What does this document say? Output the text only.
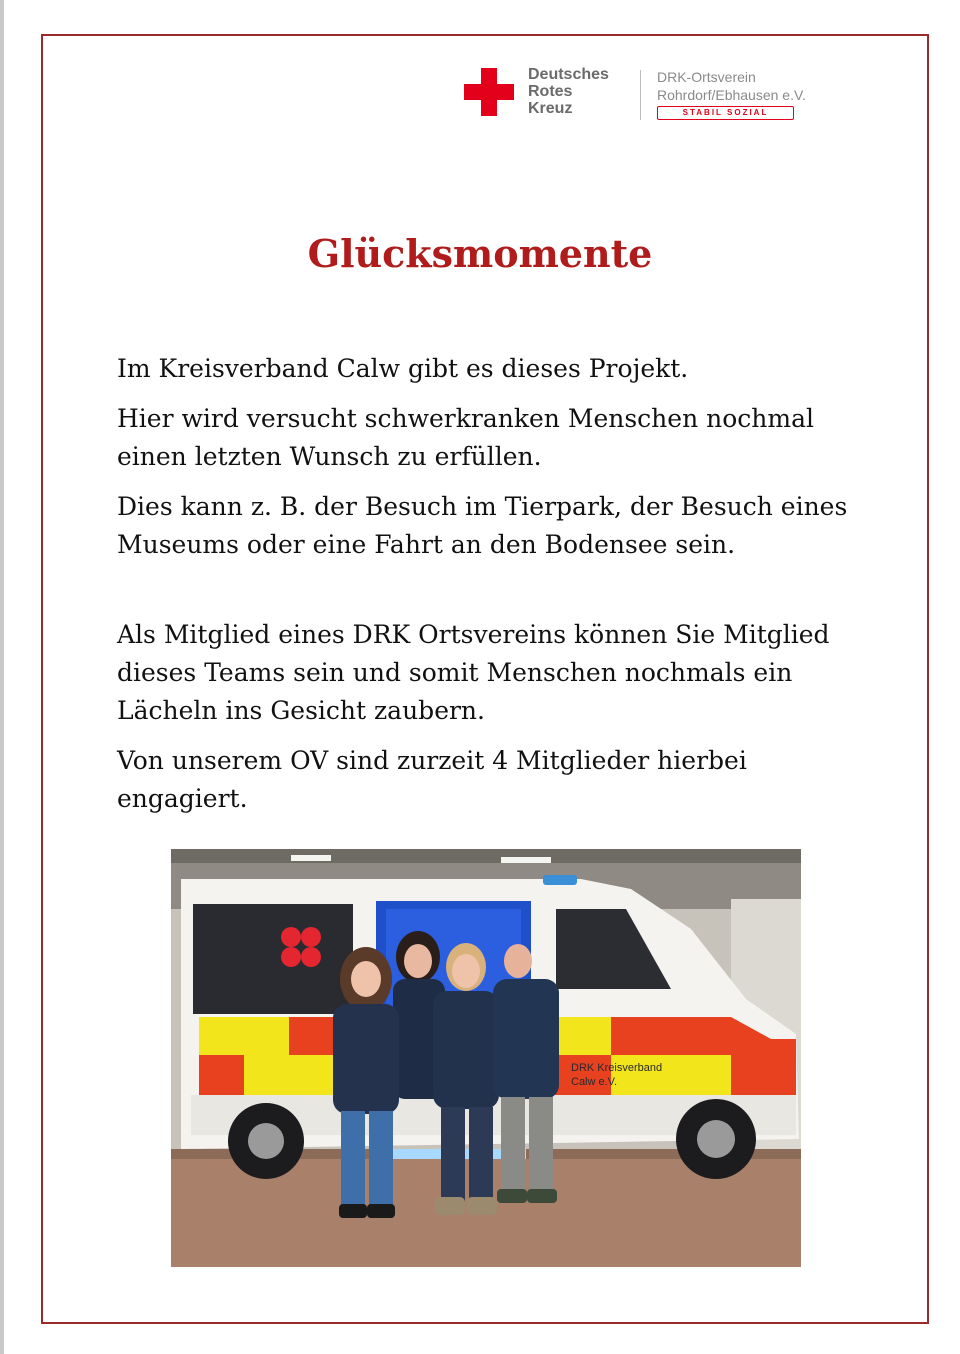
Deutsches
Rotes
Kreuz
DRK-Ortsverein
Rohrdorf/Ebhausen e.V.
STABIL SOZIAL
Glücksmomente

Im Kreisverband Calw gibt es dieses Projekt.

Hier wird versucht schwerkranken Menschen nochmal einen letzten Wunsch zu erfüllen.

Dies kann z. B. der Besuch im Tierpark, der Besuch eines Museums oder eine Fahrt an den Bodensee sein.

Als Mitglied eines DRK Ortsvereins können Sie Mitglied dieses Teams sein und somit Menschen nochmals ein Lächeln ins Gesicht zaubern.

Von unserem OV sind zurzeit 4 Mitglieder hierbei engagiert.

DRK Kreisverband
Calw e.V.
